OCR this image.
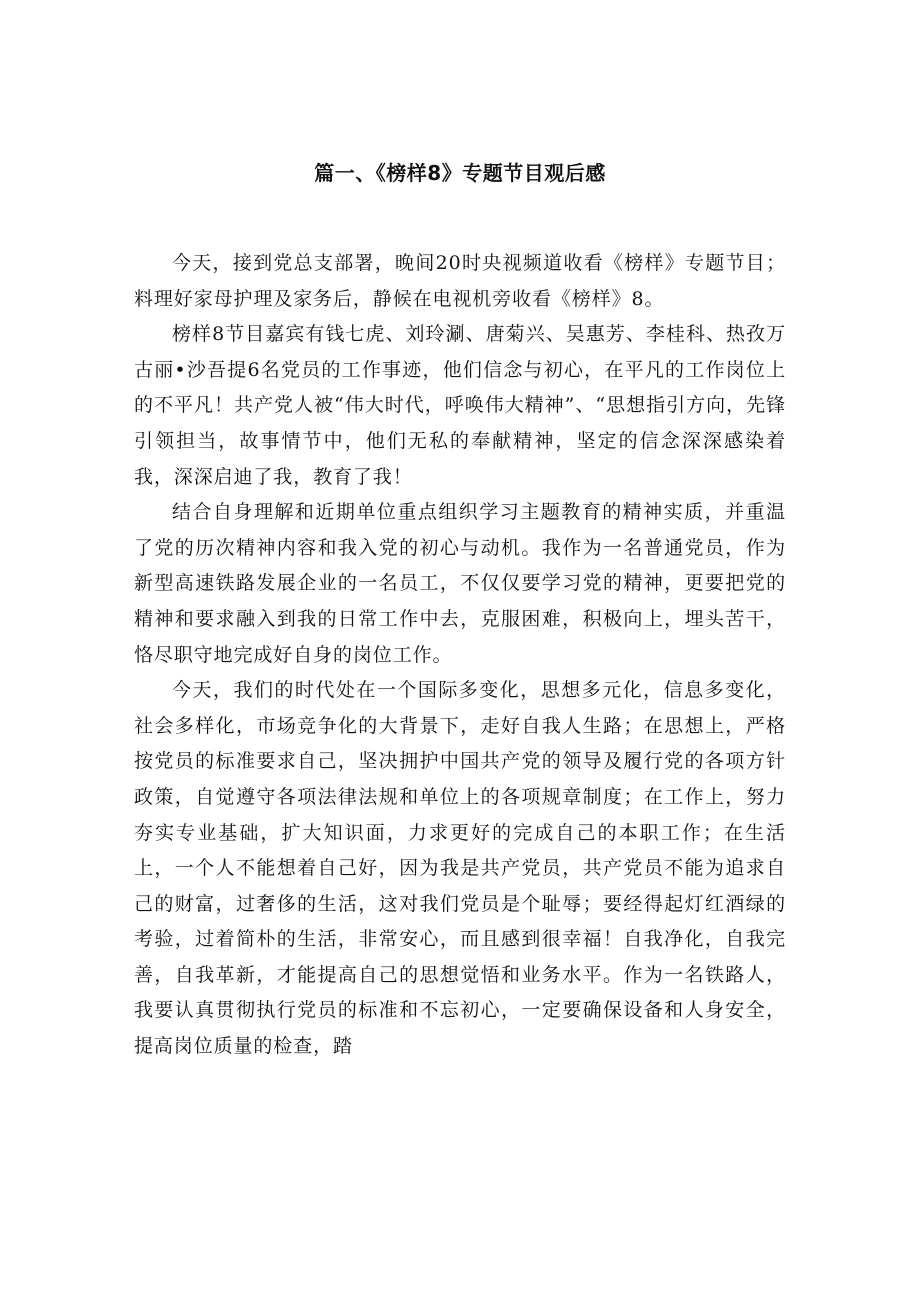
篇一、《榜样8》专题节目观后感

今天，接到党总支部署，晚间20时央视频道收看《榜样》专题节目；料理好家母护理及家务后，静候在电视机旁收看《榜样》8。

榜样8节目嘉宾有钱七虎、刘玲涮、唐菊兴、吴惠芳、李桂科、热孜万古丽•沙吾提6名党员的工作事迹，他们信念与初心，在平凡的工作岗位上的不平凡！共产党人被“伟大时代，呼唤伟大精神”、“思想指引方向，先锋引领担当，故事情节中，他们无私的奉献精神，坚定的信念深深感染着我，深深启迪了我，教育了我！

结合自身理解和近期单位重点组织学习主题教育的精神实质，并重温了党的历次精神内容和我入党的初心与动机。我作为一名普通党员，作为新型高速铁路发展企业的一名员工，不仅仅要学习党的精神，更要把党的精神和要求融入到我的日常工作中去，克服困难，积极向上，埋头苦干，恪尽职守地完成好自身的岗位工作。

今天，我们的时代处在一个国际多变化，思想多元化，信息多变化，社会多样化，市场竞争化的大背景下，走好自我人生路；在思想上，严格按党员的标准要求自己，坚决拥护中国共产党的领导及履行党的各项方针政策，自觉遵守各项法律法规和单位上的各项规章制度；在工作上，努力夯实专业基础，扩大知识面，力求更好的完成自己的本职工作；在生活上，一个人不能想着自己好，因为我是共产党员，共产党员不能为追求自己的财富，过奢侈的生活，这对我们党员是个耻辱；要经得起灯红酒绿的考验，过着简朴的生活，非常安心，而且感到很幸福！自我净化，自我完善，自我革新，才能提高自己的思想觉悟和业务水平。作为一名铁路人，我要认真贯彻执行党员的标准和不忘初心，一定要确保设备和人身安全，提高岗位质量的检查，踏
